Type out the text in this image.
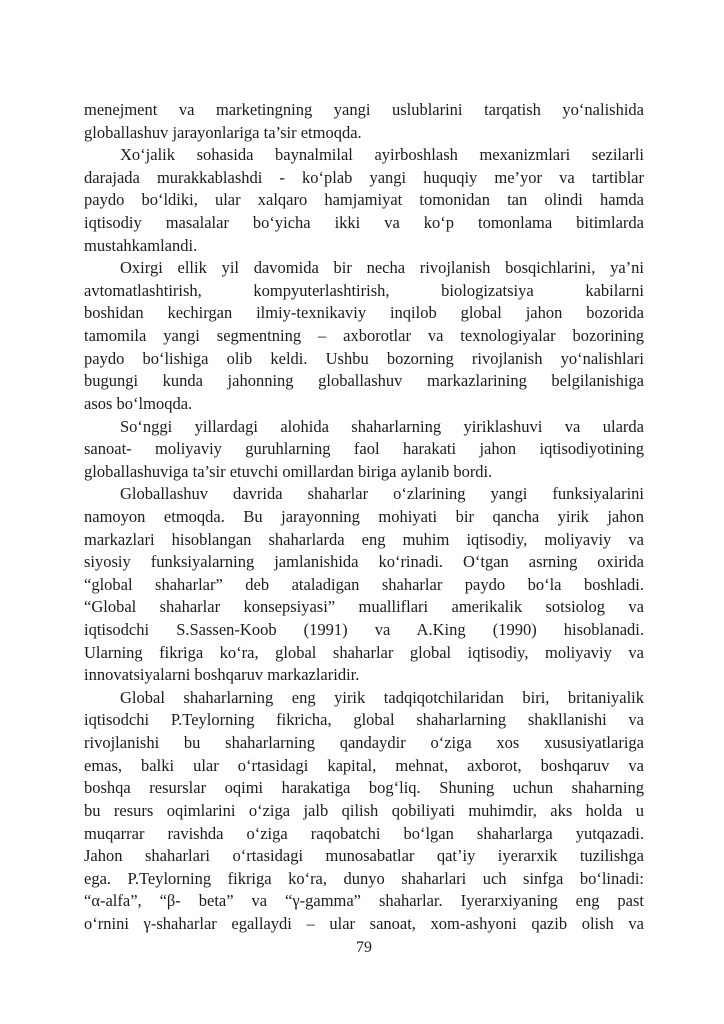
menejment va marketingning yangi uslublarini tarqatish yo‘nalishida
globallashuv jarayonlariga ta’sir etmoqda.
Xo‘jalik sohasida baynalmilal ayirboshlash mexanizmlari sezilarli
darajada murakkablashdi - ko‘plab yangi huquqiy me’yor va tartiblar
paydo bo‘ldiki, ular xalqaro hamjamiyat tomonidan tan olindi hamda
iqtisodiy masalalar bo‘yicha ikki va ko‘p tomonlama bitimlarda
mustahkamlandi.
Oxirgi ellik yil davomida bir necha rivojlanish bosqichlarini, ya’ni
avtomatlashtirish, kompyuterlashtirish, biologizatsiya kabilarni
boshidan kechirgan ilmiy-texnikaviy inqilob global jahon bozorida
tamomila yangi segmentning – axborotlar va texnologiyalar bozorining
paydo bo‘lishiga olib keldi. Ushbu bozorning rivojlanish yo‘nalishlari
bugungi kunda jahonning globallashuv markazlarining belgilanishiga
asos bo‘lmoqda.
So‘nggi yillardagi alohida shaharlarning yiriklashuvi va ularda
sanoat- moliyaviy guruhlarning faol harakati jahon iqtisodiyotining
globallashuviga ta’sir etuvchi omillardan biriga aylanib bordi.
Globallashuv davrida shaharlar o‘zlarining yangi funksiyalarini
namoyon etmoqda. Bu jarayonning mohiyati bir qancha yirik jahon
markazlari hisoblangan shaharlarda eng muhim iqtisodiy, moliyaviy va
siyosiy funksiyalarning jamlanishida ko‘rinadi. O‘tgan asrning oxirida
“global shaharlar” deb ataladigan shaharlar paydo bo‘la boshladi.
“Global shaharlar konsepsiyasi” mualliflari amerikalik sotsiolog va
iqtisodchi S.Sassen-Koob (1991) va A.King (1990) hisoblanadi.
Ularning fikriga ko‘ra, global shaharlar global iqtisodiy, moliyaviy va
innovatsiyalarni boshqaruv markazlaridir.
Global shaharlarning eng yirik tadqiqotchilaridan biri, britaniyalik
iqtisodchi P.Teylorning fikricha, global shaharlarning shakllanishi va
rivojlanishi bu shaharlarning qandaydir o‘ziga xos xususiyatlariga
emas, balki ular o‘rtasidagi kapital, mehnat, axborot, boshqaruv va
boshqa resurslar oqimi harakatiga bog‘liq. Shuning uchun shaharning
bu resurs oqimlarini o‘ziga jalb qilish qobiliyati muhimdir, aks holda u
muqarrar ravishda o‘ziga raqobatchi bo‘lgan shaharlarga yutqazadi.
Jahon shaharlari o‘rtasidagi munosabatlar qat’iy iyerarxik tuzilishga
ega. P.Teylorning fikriga ko‘ra, dunyo shaharlari uch sinfga bo‘linadi:
“α-alfa”, “β- beta” va “γ-gamma” shaharlar. Iyerarxiyaning eng past
o‘rnini γ-shaharlar egallaydi – ular sanoat, xom-ashyoni qazib olish va
79
